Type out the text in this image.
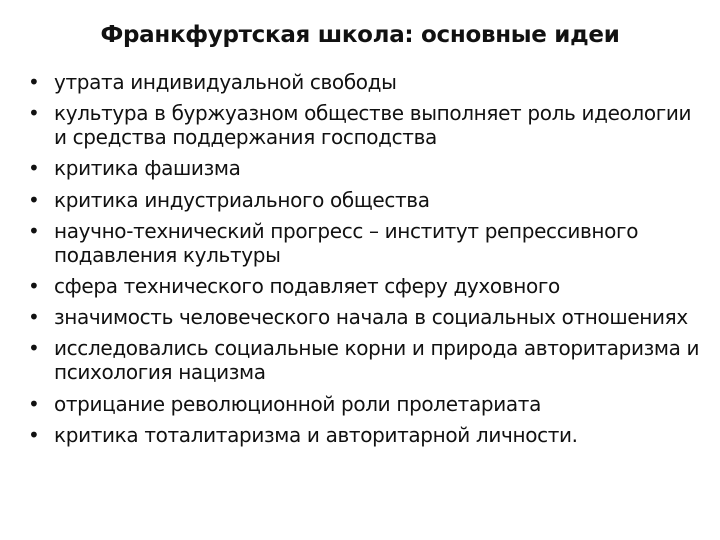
Франкфуртская школа: основные идеи
• утрата индивидуальной свободы
• культура в буржуазном обществе выполняет роль идеологии и средства поддержания господства
• критика фашизма
• критика индустриального общества
• научно-технический прогресс – институт репрессивного подавления культуры
• сфера технического подавляет сферу духовного
• значимость человеческого начала в социальных отношениях
• исследовались социальные корни и природа авторитаризма и психология нацизма
• отрицание революционной роли пролетариата
• критика тоталитаризма и авторитарной личности.
